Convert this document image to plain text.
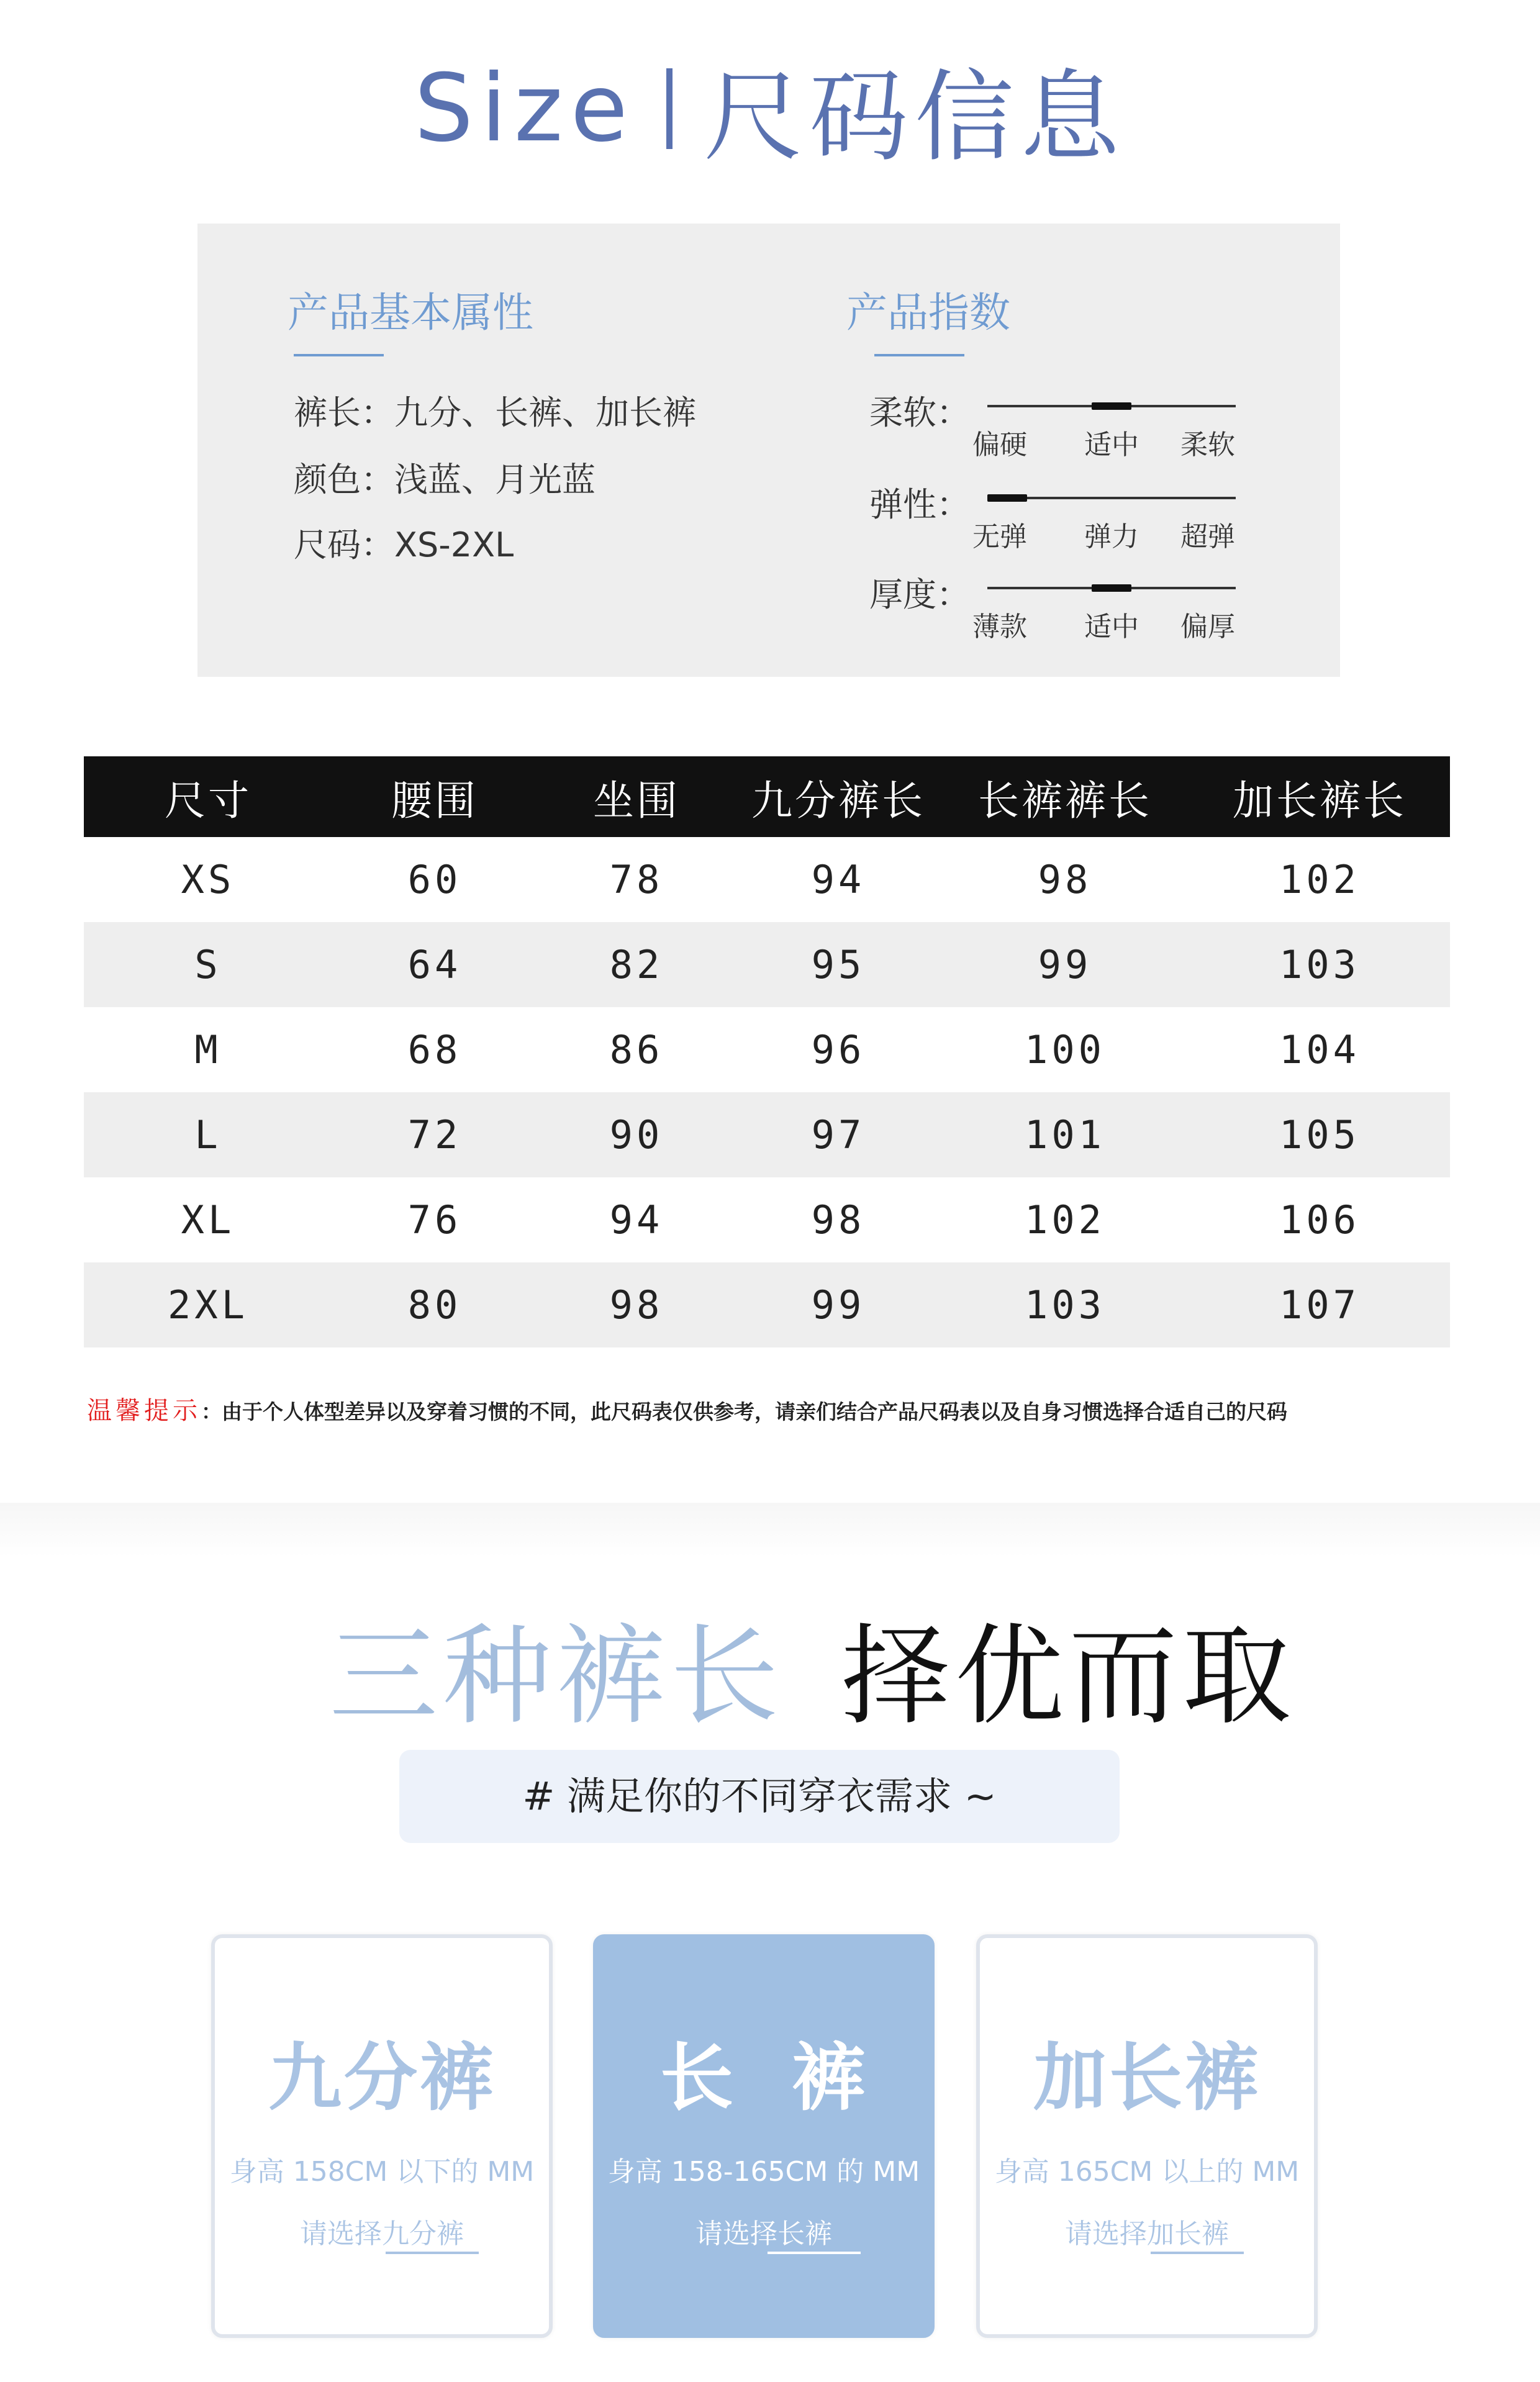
Size 尺码信息
产品基本属性
裤长：九分、长裤、加长裤
颜色：浅蓝、月光蓝
尺码：XS-2XL
产品指数
柔软：
偏硬 适中 柔软
弹性：
无弹 弹力 超弹
厚度：
薄款 适中 偏厚
尺寸	腰围	坐围	九分裤长	长裤裤长	加长裤长
XS	60	78	94	98	102
S	64	82	95	99	103
M	68	86	96	100	104
L	72	90	97	101	105
XL	76	94	98	102	106
2XL	80	98	99	103	107
温馨提示：由于个人体型差异以及穿着习惯的不同，此尺码表仅供参考，请亲们结合产品尺码表以及自身习惯选择合适自己的尺码
三种裤长 择优而取
# 满足你的不同穿衣需求 ~
九分裤
身高 158CM 以下的 MM
请选择九分裤
长  裤
身高 158-165CM 的 MM
请选择长裤
加长裤
身高 165CM 以上的 MM
请选择加长裤
